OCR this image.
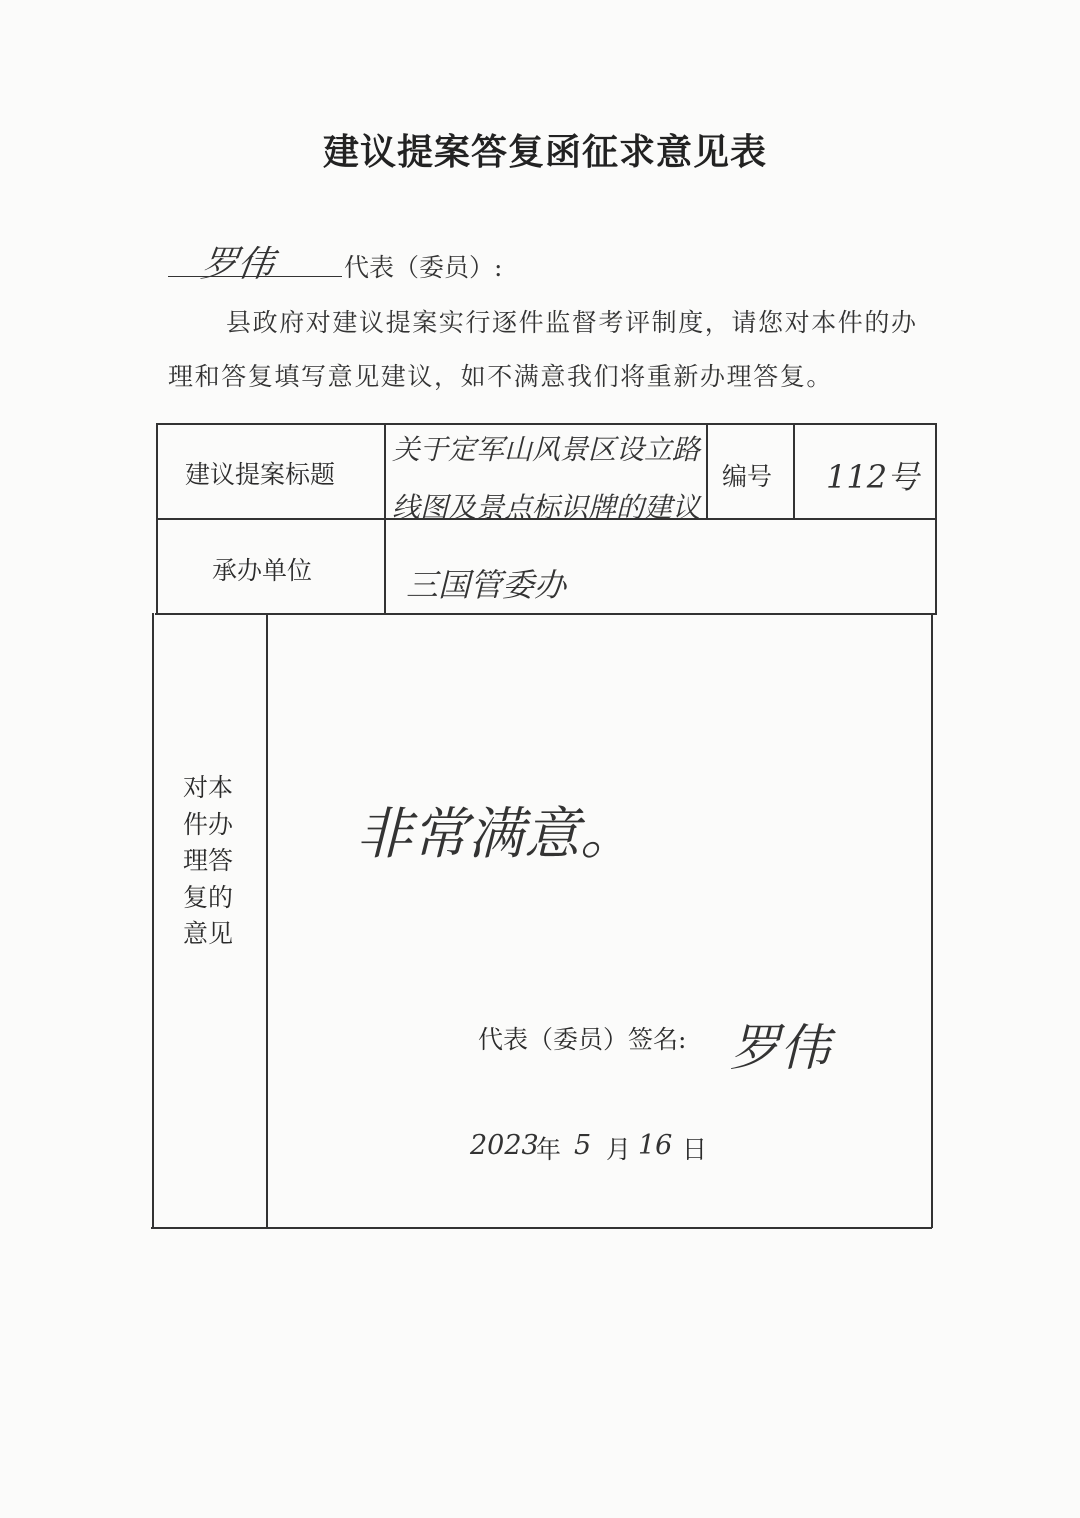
建议提案答复函征求意见表
罗伟	代表（委员）:
县政府对建议提案实行逐件监督考评制度，请您对本件的办理和答复填写意见建议，如不满意我们将重新办理答复。
建议提案标题
关于定军山风景区设立路
线图及景点标识牌的建议
编号 112号
承办单位	三国管委办
对本件办理答复的意见
非常满意。
代表（委员）签名: 罗伟
2023
年 5 月 16 日
